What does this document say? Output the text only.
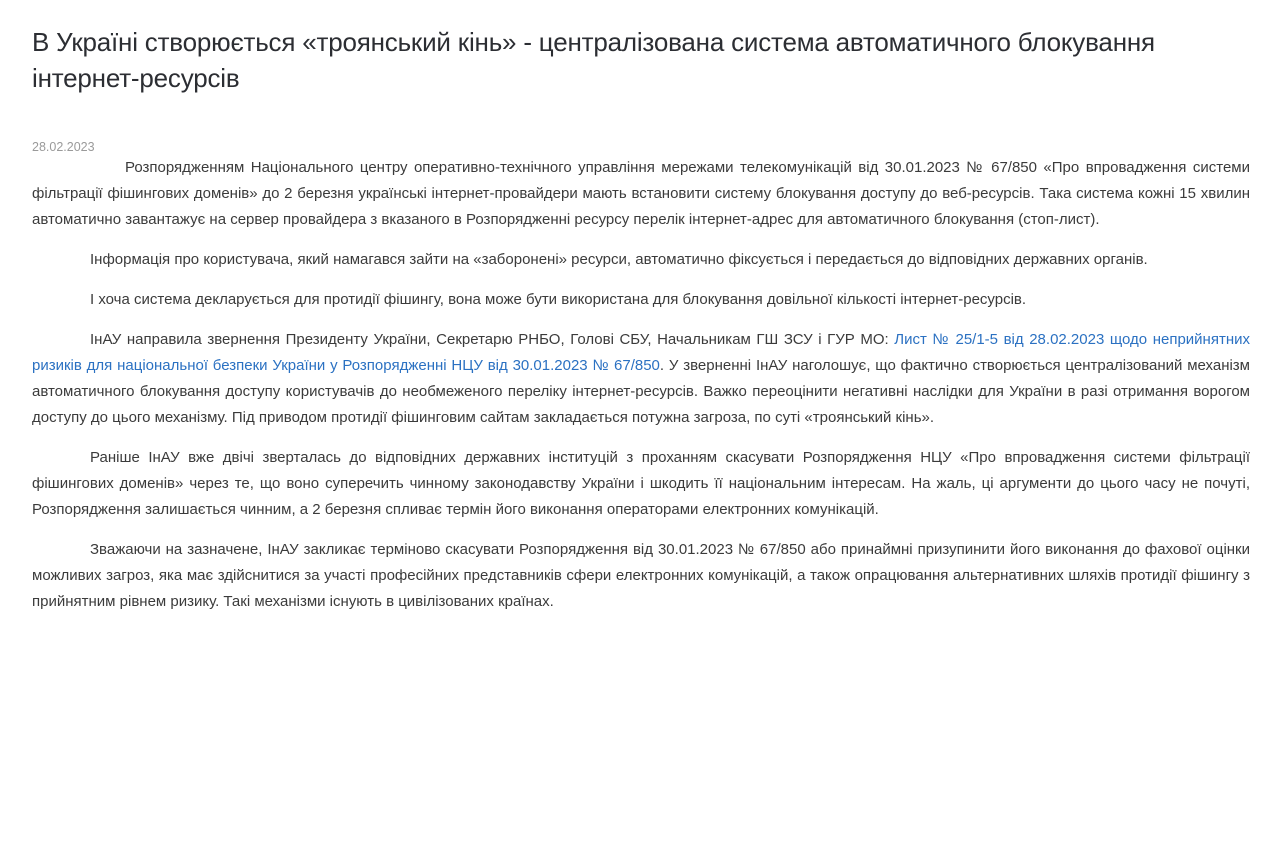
В Україні створюється «троянський кінь» - централізована система автоматичного блокування інтернет-ресурсів
28.02.2023

Розпорядженням Національного центру оперативно-технічного управління мережами телекомунікацій від 30.01.2023 № 67/850 «Про впровадження системи фільтрації фішингових доменів» до 2 березня українські інтернет-провайдери мають встановити систему блокування доступу до веб-ресурсів. Така система кожні 15 хвилин автоматично завантажує на сервер провайдера з вказаного в Розпорядженні ресурсу перелік інтернет-адрес для автоматичного блокування (стоп-лист).

Інформація про користувача, який намагався зайти на «заборонені» ресурси, автоматично фіксується і передається до відповідних державних органів.

І хоча система декларується для протидії фішингу, вона може бути використана для блокування довільної кількості інтернет-ресурсів.

ІнАУ направила звернення Президенту України, Секретарю РНБО, Голові СБУ, Начальникам ГШ ЗСУ і ГУР МО: Лист № 25/1-5 від 28.02.2023 щодо неприйнятних ризиків для національної безпеки України у Розпорядженні НЦУ від 30.01.2023 № 67/850. У зверненні ІнАУ наголошує, що фактично створюється централізований механізм автоматичного блокування доступу користувачів до необмеженого переліку інтернет-ресурсів. Важко переоцінити негативні наслідки для України в разі отримання ворогом доступу до цього механізму. Під приводом протидії фішинговим сайтам закладається потужна загроза, по суті «троянський кінь».

Раніше ІнАУ вже двічі зверталась до відповідних державних інституцій з проханням скасувати Розпорядження НЦУ «Про впровадження системи фільтрації фішингових доменів» через те, що воно суперечить чинному законодавству України і шкодить її національним інтересам. На жаль, ці аргументи до цього часу не почуті, Розпорядження залишається чинним, а 2 березня спливає термін його виконання операторами електронних комунікацій.

Зважаючи на зазначене, ІнАУ закликає терміново скасувати Розпорядження від 30.01.2023 № 67/850 або принаймні призупинити його виконання до фахової оцінки можливих загроз, яка має здійснитися за участі професійних представників сфери електронних комунікацій, а також опрацювання альтернативних шляхів протидії фішингу з прийнятним рівнем ризику. Такі механізми існують в цивілізованих країнах.
